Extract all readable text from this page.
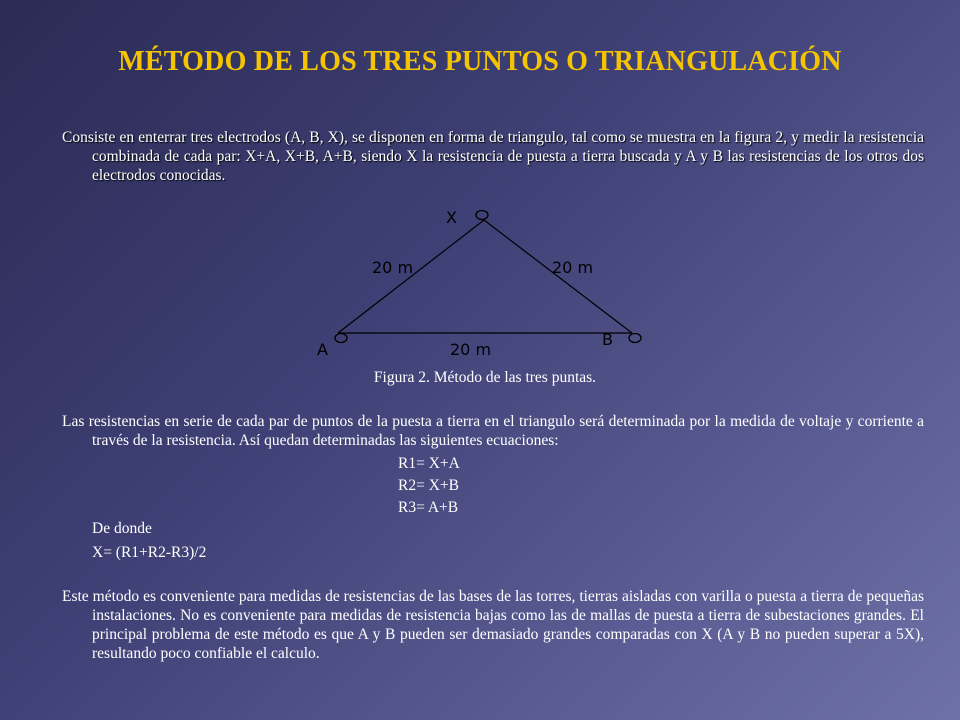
MÉTODO DE LOS TRES PUNTOS O TRIANGULACIÓN
Consiste en enterrar tres electrodos (A, B, X), se disponen en forma de triangulo, tal como se muestra en la figura 2, y medir la resistencia combinada de cada par: X+A, X+B, A+B, siendo X la resistencia de puesta a tierra buscada y A y B las resistencias de los otros dos electrodos conocidas.
X
A
B
20 m	20 m
20 m
Figura 2. Método de las tres puntas.
Las resistencias en serie de cada par de puntos de la puesta a tierra en el triangulo será determinada por la medida de voltaje y corriente a través de la resistencia. Así quedan determinadas las siguientes ecuaciones:
R1= X+A
R2= X+B
R3= A+B
De donde
X= (R1+R2-R3)/2
Este método es conveniente para medidas de resistencias de las bases de las torres, tierras aisladas con varilla o puesta a tierra de pequeñas instalaciones. No es conveniente para medidas de resistencia bajas como las de mallas de puesta a tierra de subestaciones grandes. El principal problema de este método es que A y B pueden ser demasiado grandes comparadas con X (A y B no pueden superar a 5X), resultando poco confiable el calculo.
